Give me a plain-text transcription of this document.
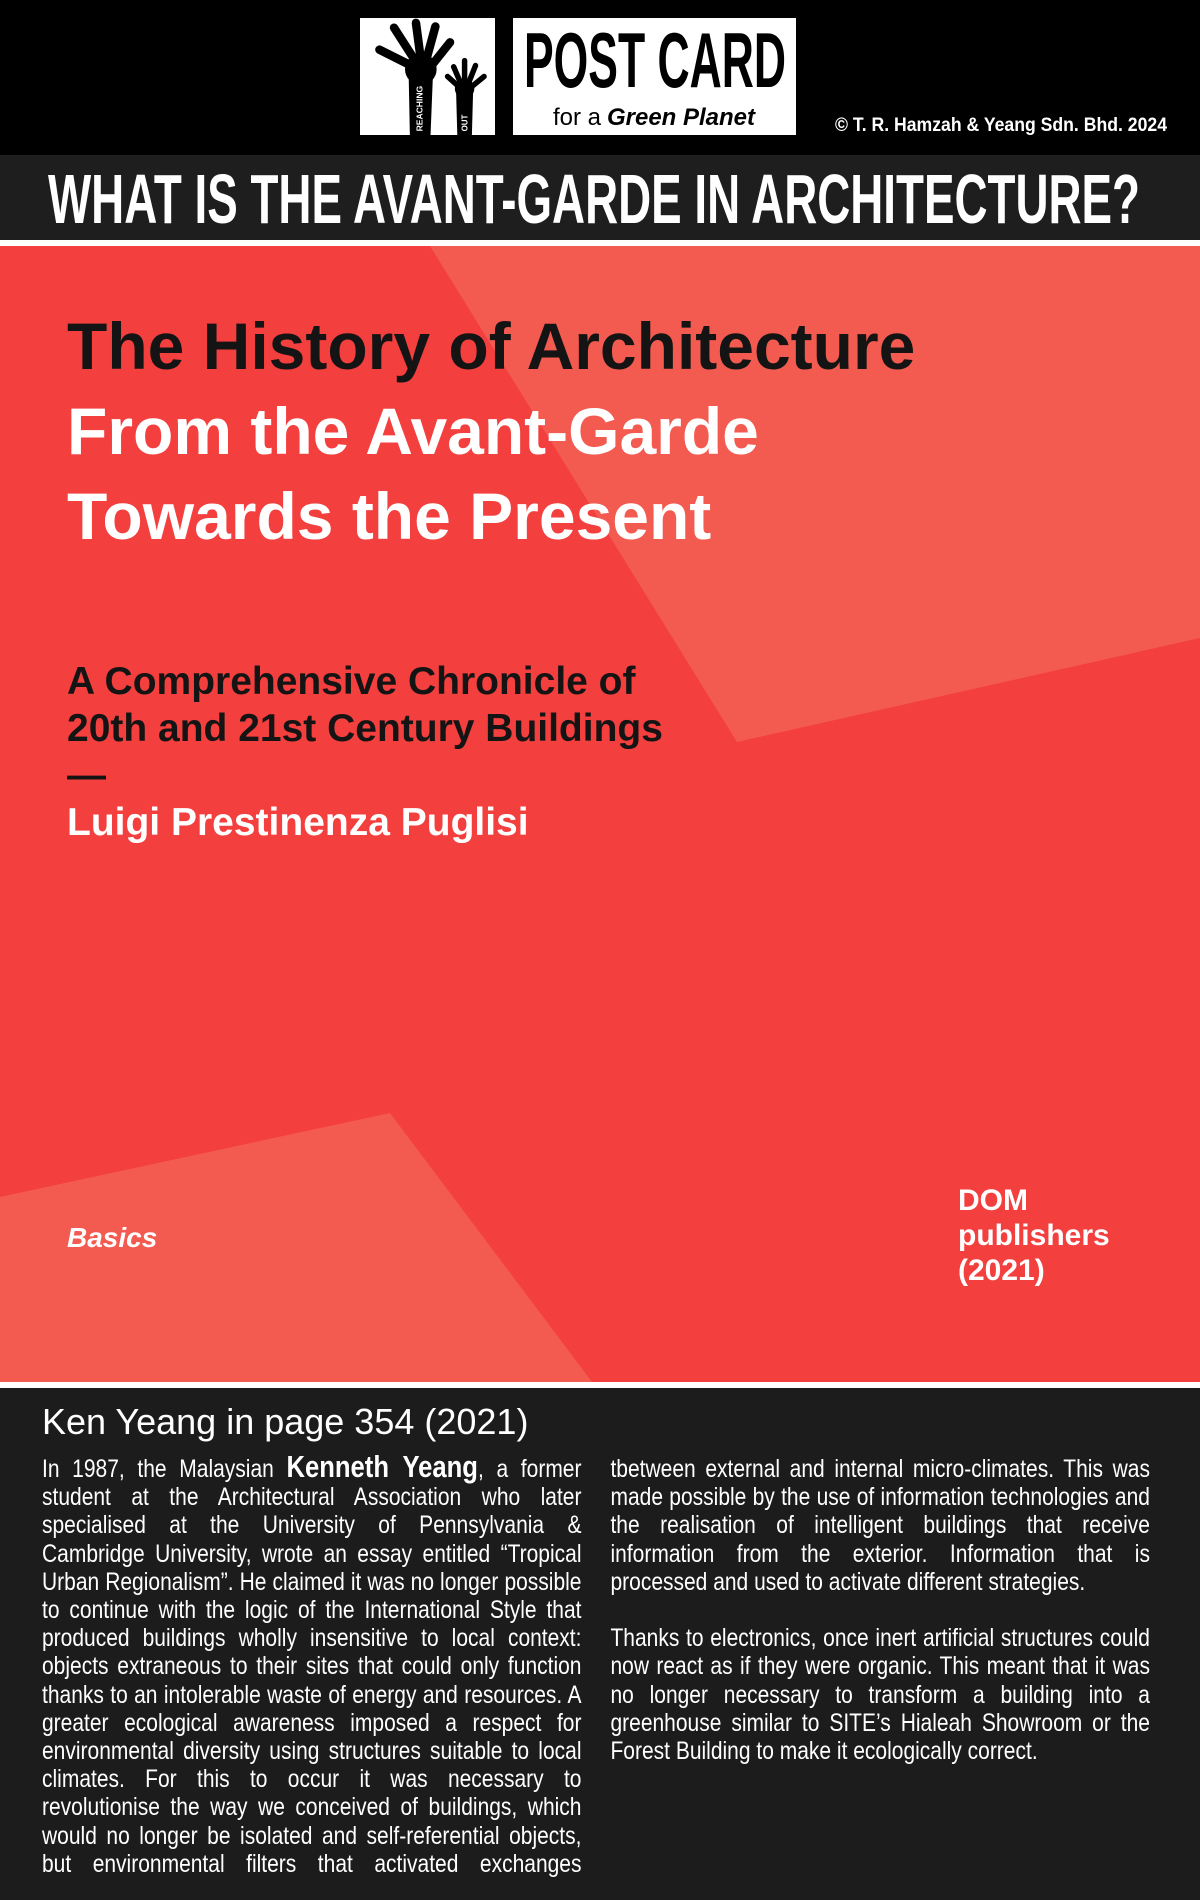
REACHING	OUT
POST CARD
for a Green Planet	© T. R. Hamzah & Yeang Sdn. Bhd. 2024
WHAT IS THE AVANT-GARDE IN ARCHITECTURE?
The History of Architecture
From the Avant-Garde
Towards the Present
A Comprehensive Chronicle of
20th and 21st Century Buildings
—
Luigi Prestinenza Puglisi
Basics
DOM
publishers
(2021)
Ken Yeang in page 354 (2021)

In 1987, the Malaysian Kenneth Yeang, a former student at the Architectural Association who later specialised at the University of Pennsylvania & Cambridge University, wrote an essay entitled “Tropical Urban Regionalism”. He claimed it was no longer possible to continue with the logic of the International Style that produced buildings wholly insensitive to local context: objects extraneous to their sites that could only function thanks to an intolerable waste of energy and resources. A greater ecological awareness imposed a respect for environmental diversity using structures suitable to local climates. For this to occur it was necessary to revolutionise the way we conceived of buildings, which would no longer be isolated and self-referential objects, but environmental filters that activated exchanges tbetween external and internal micro-climates. This was made possible by the use of information technologies and the realisation of intelligent buildings that receive information from the exterior. Information that is processed and used to activate different strategies.

Thanks to electronics, once inert artificial structures could now react as if they were organic. This meant that it was no longer necessary to transform a building into a greenhouse similar to SITE’s Hialeah Showroom or the Forest Building to make it ecologically correct.
